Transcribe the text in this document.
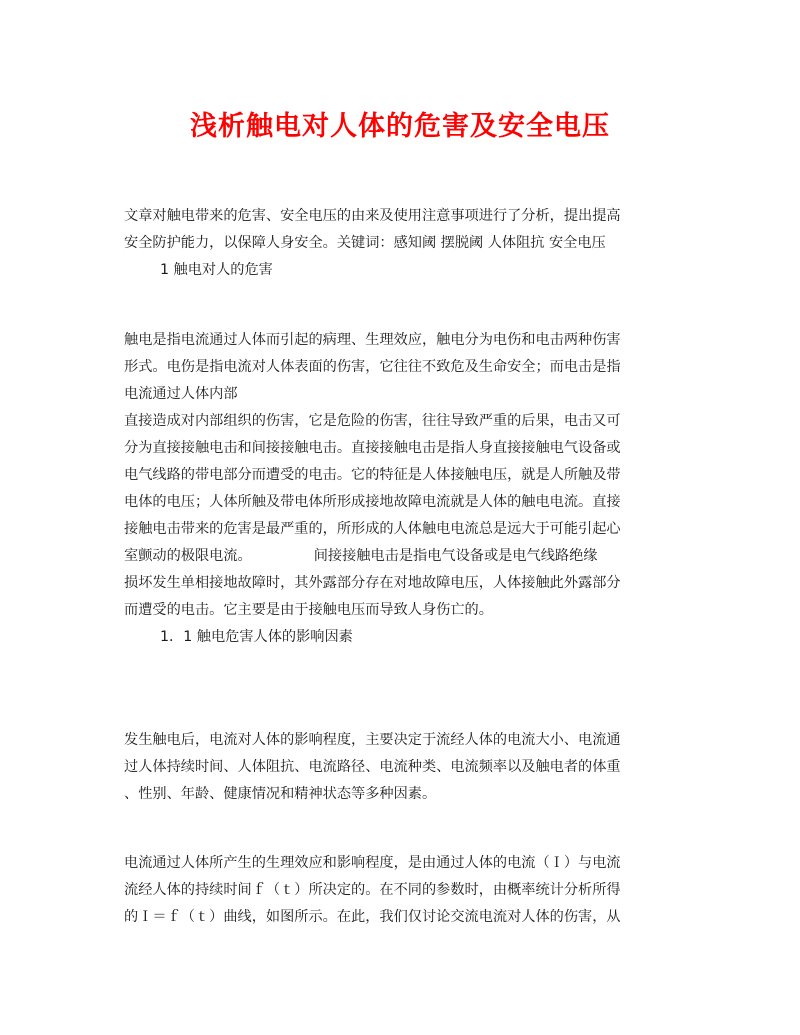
浅析触电对人体的危害及安全电压
文章对触电带来的危害、安全电压的由来及使用注意事项进行了分析，提出提高
安全防护能力，以保障人身安全。关键词：感知阈 摆脱阈 人体阻抗 安全电压
1 触电对人的危害
触电是指电流通过人体而引起的病理、生理效应，触电分为电伤和电击两种伤害
形式。电伤是指电流对人体表面的伤害，它往往不致危及生命安全；而电击是指
电流通过人体内部
直接造成对内部组织的伤害，它是危险的伤害，往往导致严重的后果，电击又可
分为直接接触电击和间接接触电击。直接接触电击是指人身直接接触电气设备或
电气线路的带电部分而遭受的电击。它的特征是人体接触电压，就是人所触及带
电体的电压；人体所触及带电体所形成接地故障电流就是人体的触电电流。直接
接触电击带来的危害是最严重的，所形成的人体触电电流总是远大于可能引起心
室颤动的极限电流。	间接接触电击是指电气设备或是电气线路绝缘
损坏发生单相接地故障时，其外露部分存在对地故障电压，人体接触此外露部分
而遭受的电击。它主要是由于接触电压而导致人身伤亡的。
1．1 触电危害人体的影响因素
发生触电后，电流对人体的影响程度，主要决定于流经人体的电流大小、电流通
过人体持续时间、人体阻抗、电流路径、电流种类、电流频率以及触电者的体重
、性别、年龄、健康情况和精神状态等多种因素。
电流通过人体所产生的生理效应和影响程度，是由通过人体的电流（Ｉ）与电流
流经人体的持续时间ｆ（ｔ）所决定的。在不同的参数时，由概率统计分析所得
的Ｉ＝ｆ（ｔ）曲线，如图所示。在此，我们仅讨论交流电流对人体的伤害，从
